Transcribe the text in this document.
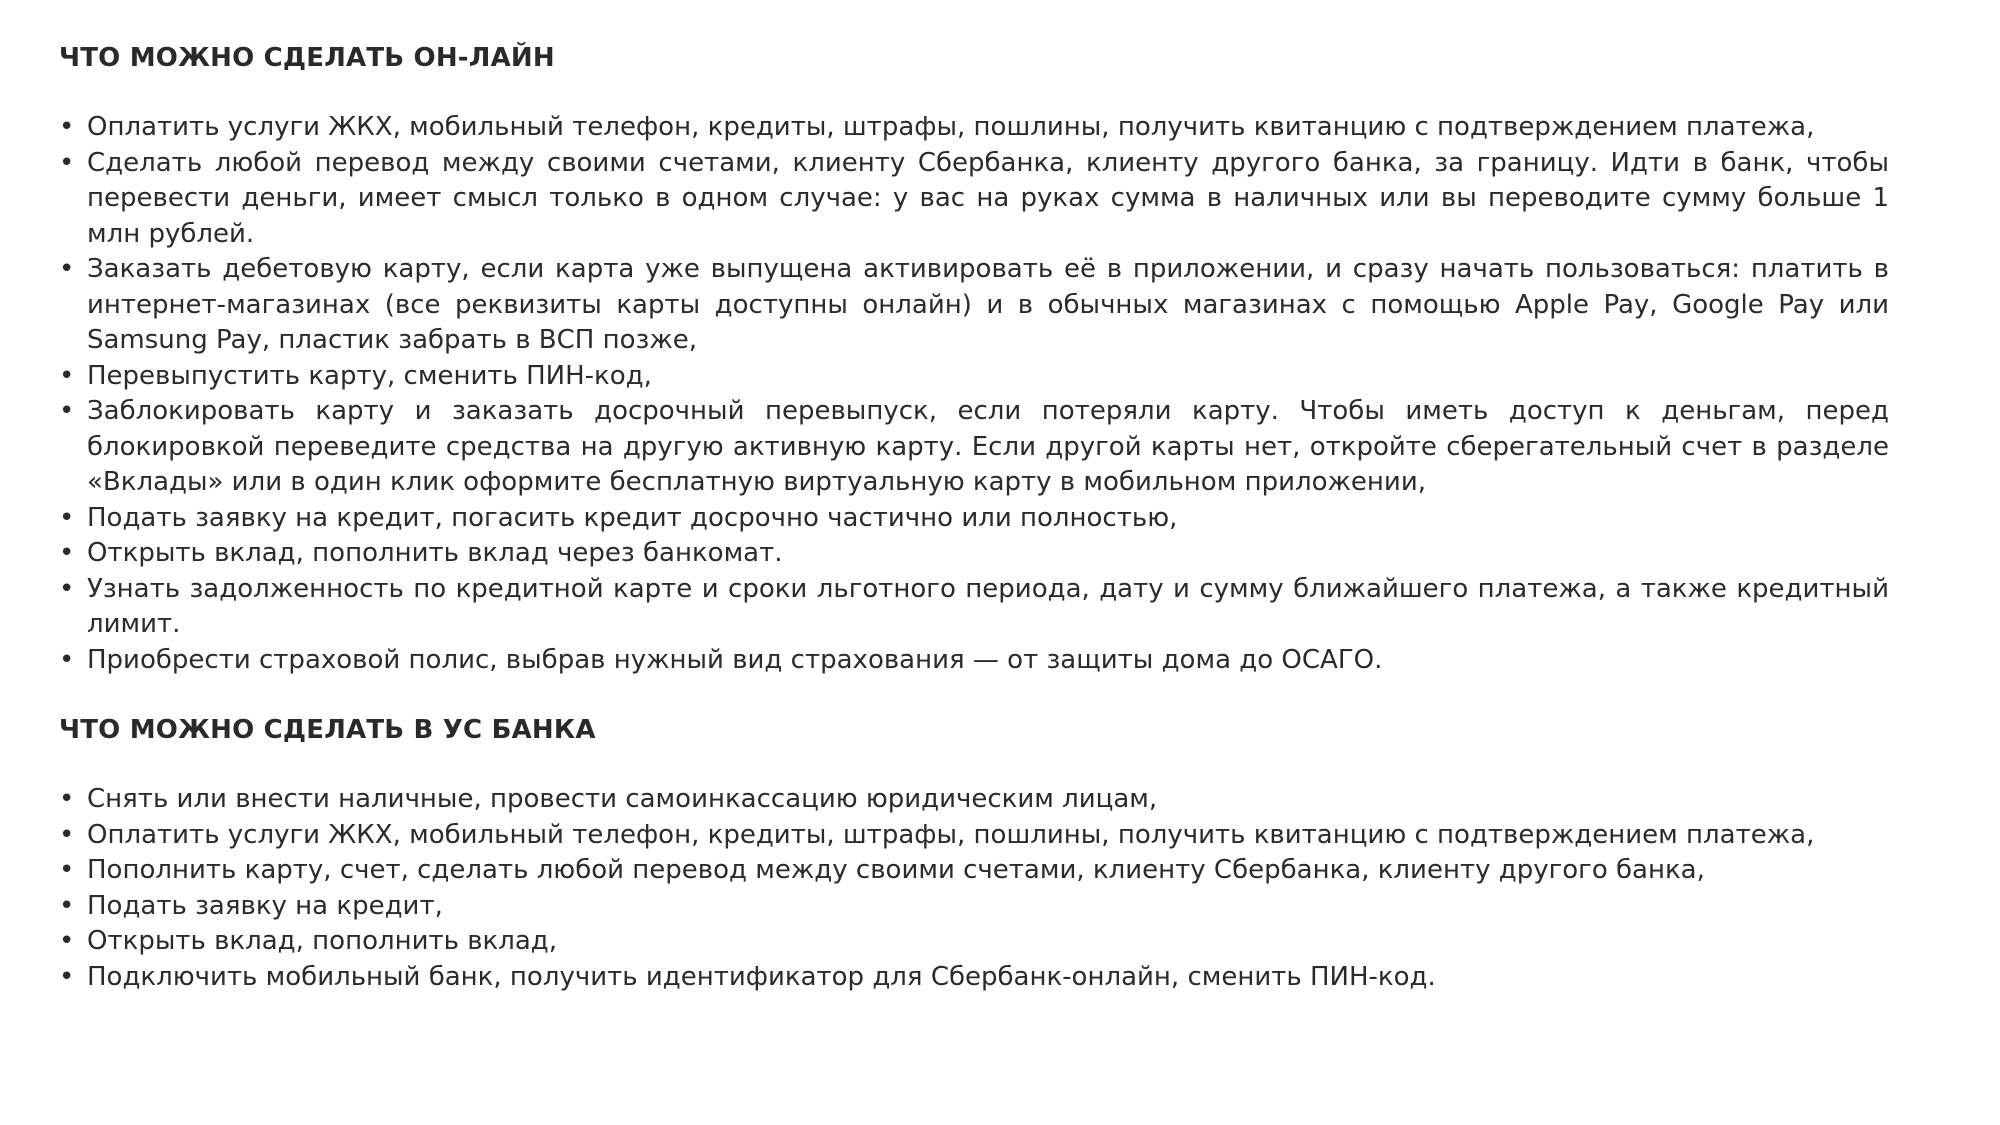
ЧТО МОЖНО СДЕЛАТЬ ОН-ЛАЙН
• Оплатить услуги ЖКХ, мобильный телефон, кредиты, штрафы, пошлины, получить квитанцию с подтверждением платежа,
• Сделать любой перевод между своими счетами, клиенту Сбербанка, клиенту другого банка, за границу. Идти в банк, чтобы перевести деньги, имеет смысл только в одном случае: у вас на руках сумма в наличных или вы переводите сумму больше 1 млн рублей.
• Заказать дебетовую карту, если карта уже выпущена активировать её в приложении, и сразу начать пользоваться: платить в интернет-магазинах (все реквизиты карты доступны онлайн) и в обычных магазинах с помощью Apple Pay, Google Pay или Samsung Pay, пластик забрать в ВСП позже,
• Перевыпустить карту, сменить ПИН-код,
• Заблокировать карту и заказать досрочный перевыпуск, если потеряли карту. Чтобы иметь доступ к деньгам, перед блокировкой переведите средства на другую активную карту. Если другой карты нет, откройте сберегательный счет в разделе «Вклады» или в один клик оформите бесплатную виртуальную карту в мобильном приложении,
• Подать заявку на кредит, погасить кредит досрочно частично или полностью,
• Открыть вклад, пополнить вклад через банкомат.
• Узнать задолженность по кредитной карте и сроки льготного периода, дату и сумму ближайшего платежа, а также кредитный лимит.
• Приобрести страховой полис, выбрав нужный вид страхования — от защиты дома до ОСАГО.
ЧТО МОЖНО СДЕЛАТЬ В УС БАНКА
• Снять или внести наличные, провести самоинкассацию юридическим лицам,
• Оплатить услуги ЖКХ, мобильный телефон, кредиты, штрафы, пошлины, получить квитанцию с подтверждением платежа,
• Пополнить карту, счет, сделать любой перевод между своими счетами, клиенту Сбербанка, клиенту другого банка,
• Подать заявку на кредит,
• Открыть вклад, пополнить вклад,
• Подключить мобильный банк, получить идентификатор для Сбербанк-онлайн, сменить ПИН-код.
